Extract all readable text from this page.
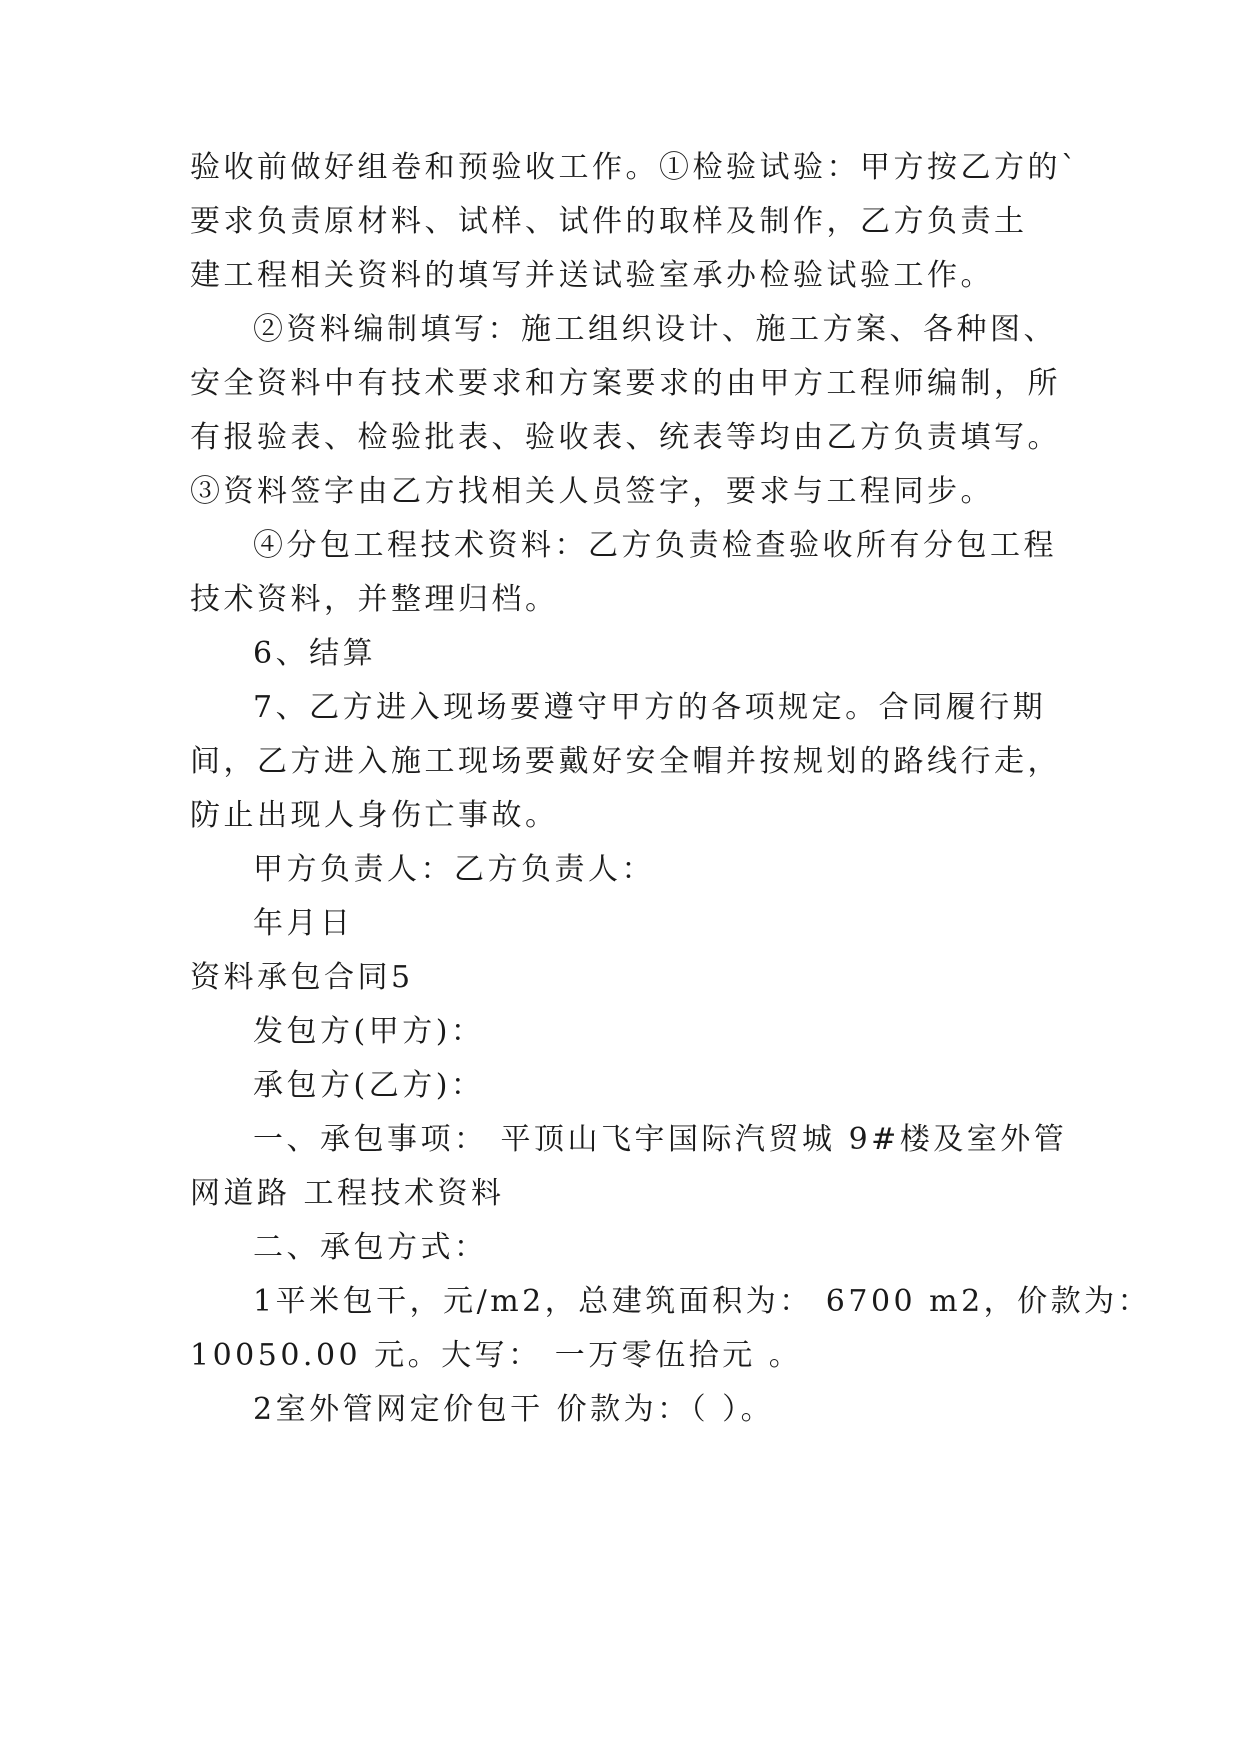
验收前做好组卷和预验收工作。①检验试验：甲方按乙方的`
要求负责原材料、试样、试件的取样及制作，乙方负责土
建工程相关资料的填写并送试验室承办检验试验工作。
②资料编制填写：施工组织设计、施工方案、各种图、
安全资料中有技术要求和方案要求的由甲方工程师编制，所
有报验表、检验批表、验收表、统表等均由乙方负责填写。
③资料签字由乙方找相关人员签字，要求与工程同步。
④分包工程技术资料：乙方负责检查验收所有分包工程
技术资料，并整理归档。
6、结算
7、乙方进入现场要遵守甲方的各项规定。合同履行期
间，乙方进入施工现场要戴好安全帽并按规划的路线行走，
防止出现人身伤亡事故。
甲方负责人：乙方负责人：
年月日
资料承包合同5
发包方(甲方)：
承包方(乙方)：
一、承包事项： 平顶山飞宇国际汽贸城 9#楼及室外管
网道路 工程技术资料
二、承包方式：
1平米包干，元/m2，总建筑面积为： 6700 m2，价款为：
10050.00 元。大写： 一万零伍拾元 。
2室外管网定价包干 价款为：（ ）。
